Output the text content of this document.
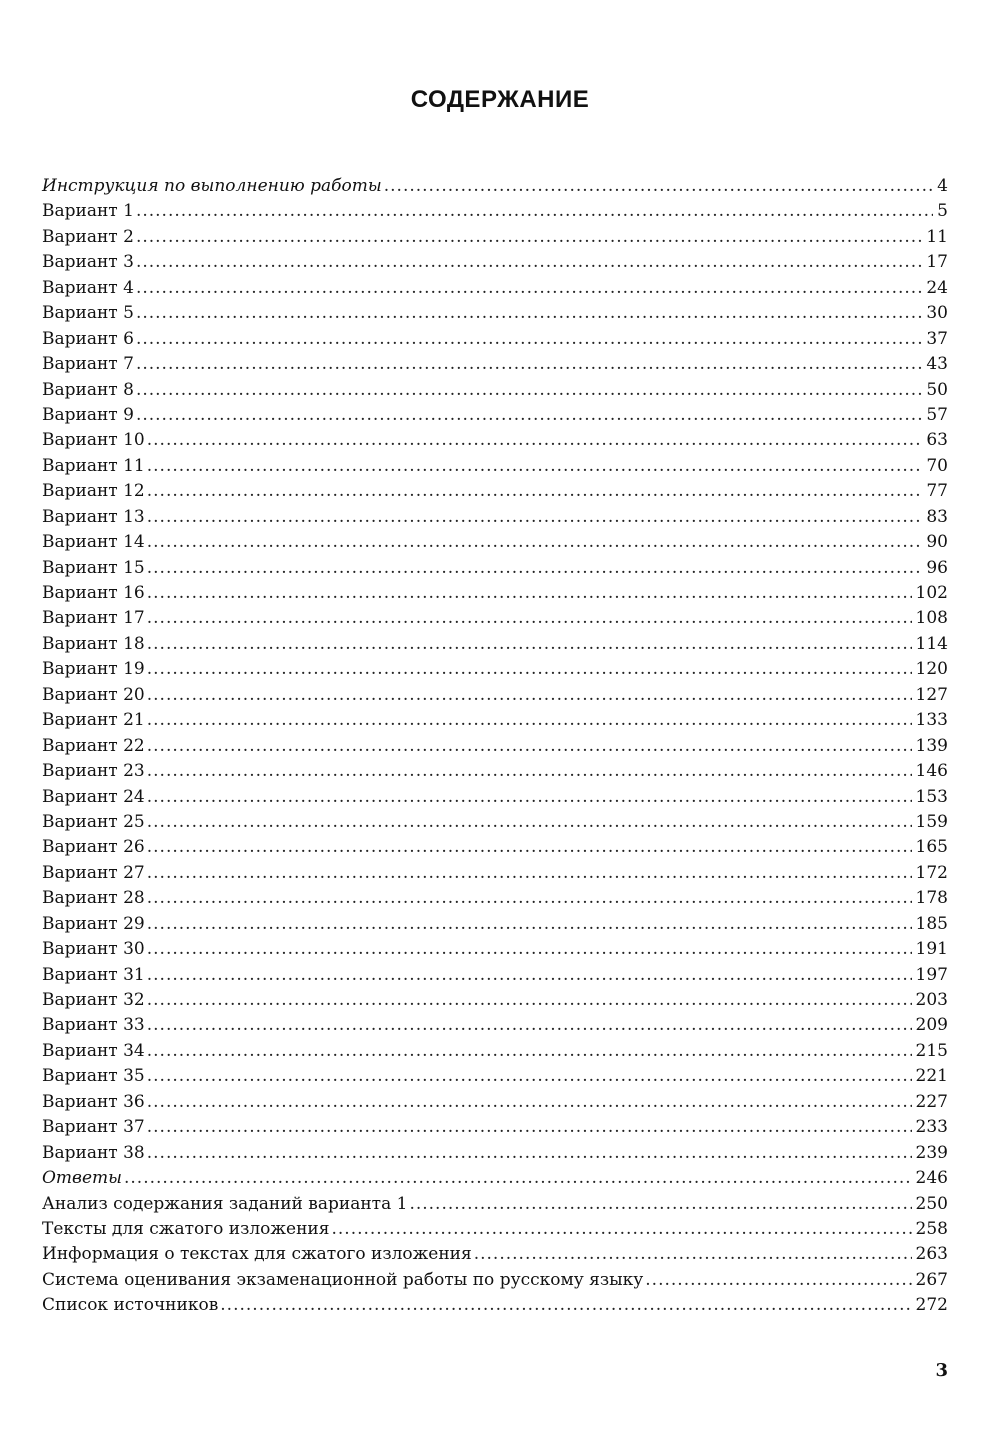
СОДЕРЖАНИЕ
Инструкция по выполнению работы .....	4
Вариант 1 .....	5
Вариант 2 .....	11
Вариант 3 .....	17
Вариант 4 .....	24
Вариант 5 .....	30
Вариант 6 .....	37
Вариант 7 .....	43
Вариант 8 .....	50
Вариант 9 .....	57
Вариант 10 .....	63
Вариант 11 .....	70
Вариант 12 .....	77
Вариант 13 .....	83
Вариант 14 .....	90
Вариант 15 .....	96
Вариант 16 .....	102
Вариант 17 .....	108
Вариант 18 .....	114
Вариант 19 .....	120
Вариант 20 .....	127
Вариант 21 .....	133
Вариант 22 .....	139
Вариант 23 .....	146
Вариант 24 .....	153
Вариант 25 .....	159
Вариант 26 .....	165
Вариант 27 .....	172
Вариант 28 .....	178
Вариант 29 .....	185
Вариант 30 .....	191
Вариант 31 .....	197
Вариант 32 .....	203
Вариант 33 .....	209
Вариант 34 .....	215
Вариант 35 .....	221
Вариант 36 .....	227
Вариант 37 .....	233
Вариант 38 .....	239
Ответы .....	246
Анализ содержания заданий варианта 1 .....	250
Тексты для сжатого изложения .....	258
Информация о текстах для сжатого изложения .....	263
Система оценивания экзаменационной работы по русскому языку .....	267
Список источников .....	272
3
